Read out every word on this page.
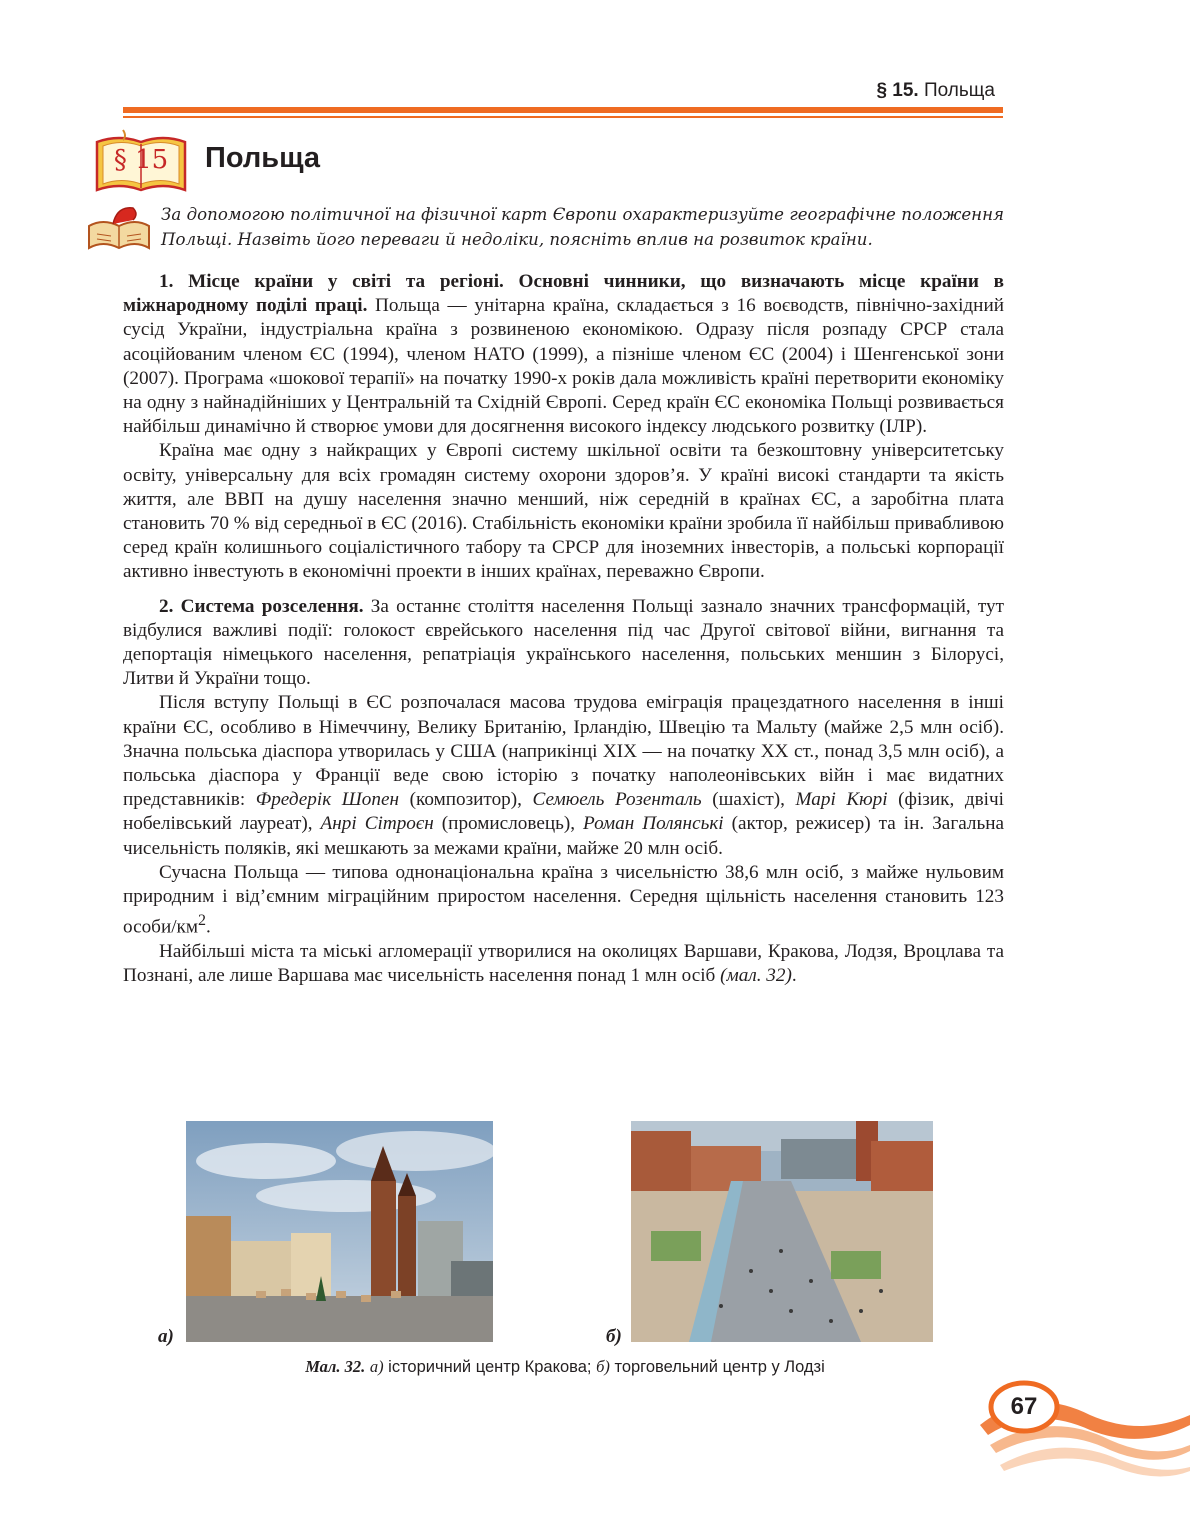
§ 15. Польща
§ 15	Польща
За допомогою політичної на фізичної карт Європи охарактеризуйте географічне положення Польщі. Назвіть його переваги й недоліки, поясніть вплив на розвиток країни.

1. Місце країни у світі та регіоні. Основні чинники, що визначають місце країни в міжнародному поділі праці. Польща — унітарна країна, складається з 16 воєводств, північно-західний сусід України, індустріальна країна з розвиненою економікою. Одразу після розпаду СРСР стала асоційованим членом ЄС (1994), членом НАТО (1999), а пізніше членом ЄС (2004) і Шенгенської зони (2007). Програма «шокової терапії» на початку 1990-х років дала можливість країні перетворити економіку на одну з найнадійніших у Центральній та Східній Європі. Серед країн ЄС економіка Польщі розвивається найбільш динамічно й створює умови для досягнення високого індексу людського розвитку (ІЛР).

Країна має одну з найкращих у Європі систему шкільної освіти та безкоштовну університетську освіту, універсальну для всіх громадян систему охорони здоров’я. У країні високі стандарти та якість життя, але ВВП на душу населення значно менший, ніж середній в країнах ЄС, а заробітна плата становить 70 % від середньої в ЄС (2016). Стабільність економіки країни зробила її найбільш привабливою серед країн колишнього соціалістичного табору та СРСР для іноземних інвесторів, а польські корпорації активно інвестують в економічні проекти в інших країнах, переважно Європи.

2. Система розселення. За останнє століття населення Польщі зазнало значних трансформацій, тут відбулися важливі події: голокост єврейського населення під час Другої світової війни, вигнання та депортація німецького населення, репатріація українського населення, польських меншин з Білорусі, Литви й України тощо.

Після вступу Польщі в ЄС розпочалася масова трудова еміграція працездатного населення в інші країни ЄС, особливо в Німеччину, Велику Британію, Ірландію, Швецію та Мальту (майже 2,5 млн осіб). Значна польська діаспора утворилась у США (наприкінці XIX — на початку XX ст., понад 3,5 млн осіб), а польська діаспора у Франції веде свою історію з початку наполеонівських війн і має видатних представників: Фредерік Шопен (композитор), Семюель Розенталь (шахіст), Марі Кюрі (фізик, двічі нобелівський лауреат), Анрі Сітроєн (промисловець), Роман Полянські (актор, режисер) та ін. Загальна чисельність поляків, які мешкають за межами країни, майже 20 млн осіб.

Сучасна Польща — типова однонаціональна країна з чисельністю 38,6 млн осіб, з майже нульовим природним і від’ємним міграційним приростом населення. Середня щільність населення становить 123 особи/$км^2$.

Найбільші міста та міські агломерації утворилися на околицях Варшави, Кракова, Лодзя, Вроцлава та Познані, але лише Варшава має чисельність населення понад 1 млн осіб (мал. 32).

а)	б)
Мал. 32. а) історичний центр Кракова; б) торговельний центр у Лодзі
67
